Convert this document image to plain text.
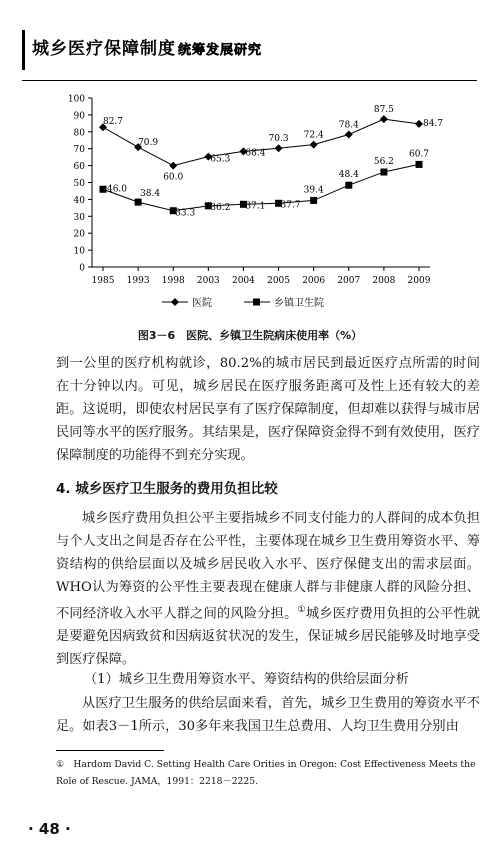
城乡医疗保障制度 统筹发展研究
0
10
20
30
40
50
60
70
80
90
100
1985 1993 1998 2003 2004 2005 2006 2007 2008 2009
82.7
70.9
60.0
65.3
68.4
70.3 72.4
78.4
87.5
84.7
46.0 38.4
33.3
36.2 37.1 37.7
39.4
48.4
56.2
60.7
医院	乡镇卫生院
图3－6　医院、乡镇卫生院病床使用率（%）
到一公里的医疗机构就诊，80.2%的城市居民到最近医疗点所需的时间在十分钟以内。可见，城乡居民在医疗服务距离可及性上还有较大的差距。这说明，即使农村居民享有了医疗保障制度，但却难以获得与城市居民同等水平的医疗服务。其结果是，医疗保障资金得不到有效使用，医疗保障制度的功能得不到充分实现。
4. 城乡医疗卫生服务的费用负担比较
城乡医疗费用负担公平主要指城乡不同支付能力的人群间的成本负担与个人支出之间是否存在公平性，主要体现在城乡卫生费用筹资水平、筹资结构的供给层面以及城乡居民收入水平、医疗保健支出的需求层面。WHO认为筹资的公平性主要表现在健康人群与非健康人群的风险分担、不同经济收入水平人群之间的风险分担。①城乡医疗费用负担的公平性就是要避免因病致贫和因病返贫状况的发生，保证城乡居民能够及时地享受到医疗保障。
（1）城乡卫生费用筹资水平、筹资结构的供给层面分析
从医疗卫生服务的供给层面来看，首先，城乡卫生费用的筹资水平不足。如表3－1所示，30多年来我国卫生总费用、人均卫生费用分别由
①　Hardom David C. Setting Health Care Orities in Oregon: Cost Effectiveness Meets the Role of Rescue. JAMA，1991：2218－2225.
· 48 ·
